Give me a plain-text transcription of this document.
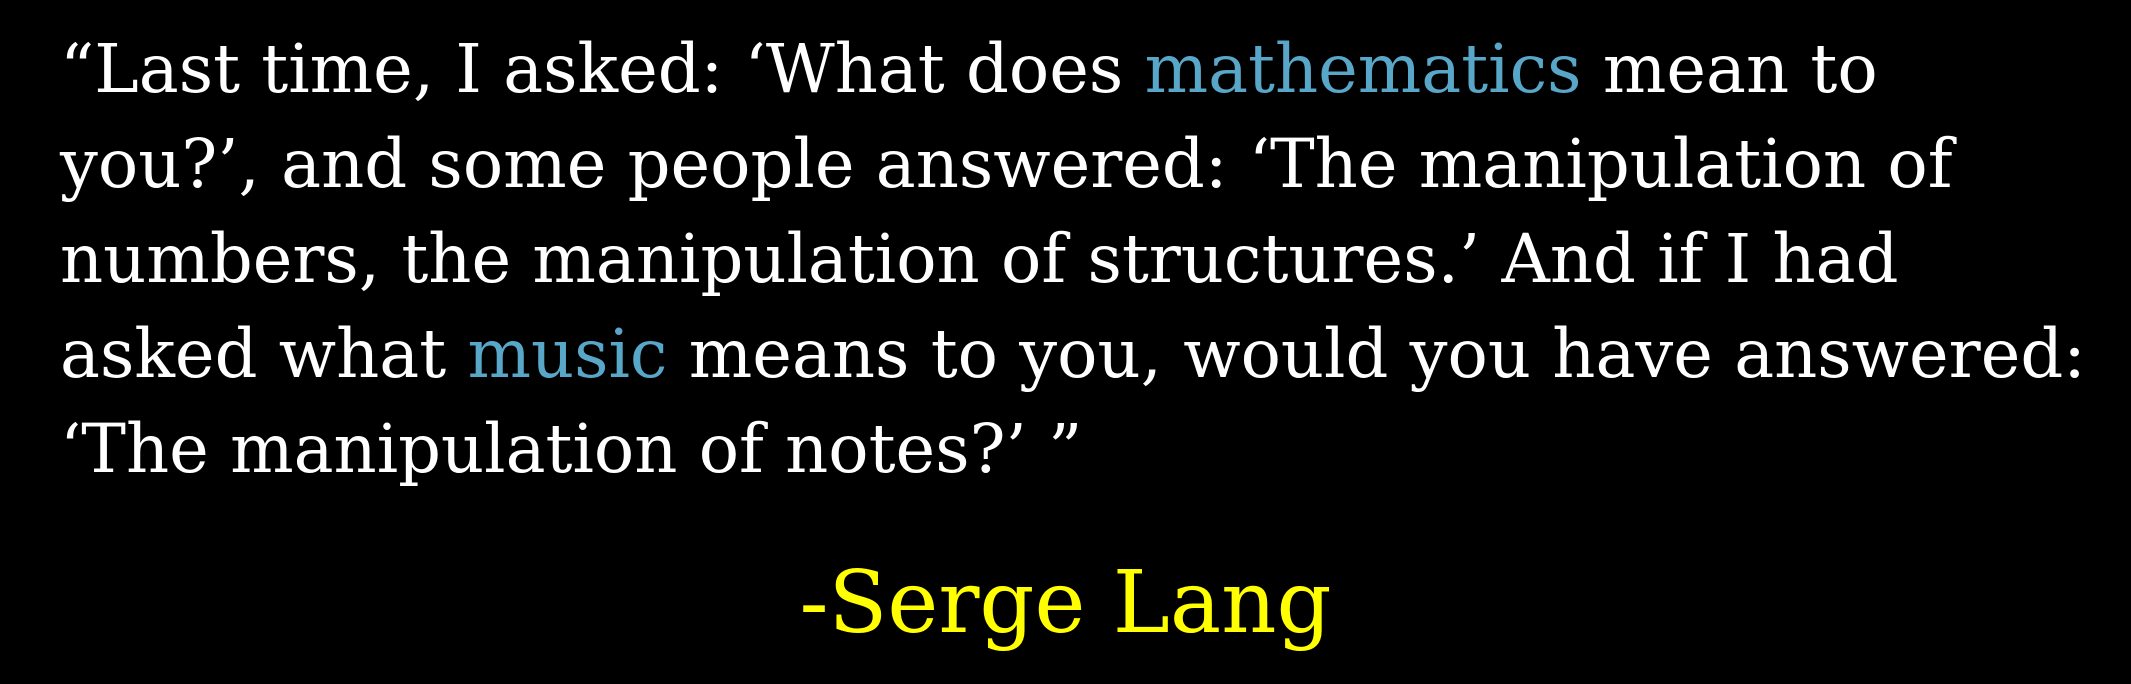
“Last time, I asked: ‘What does mathematics mean to
you?’, and some people answered: ‘The manipulation of
numbers, the manipulation of structures.’ And if I had
asked what music means to you, would you have answered:
‘The manipulation of notes?’ ”
-Serge Lang
